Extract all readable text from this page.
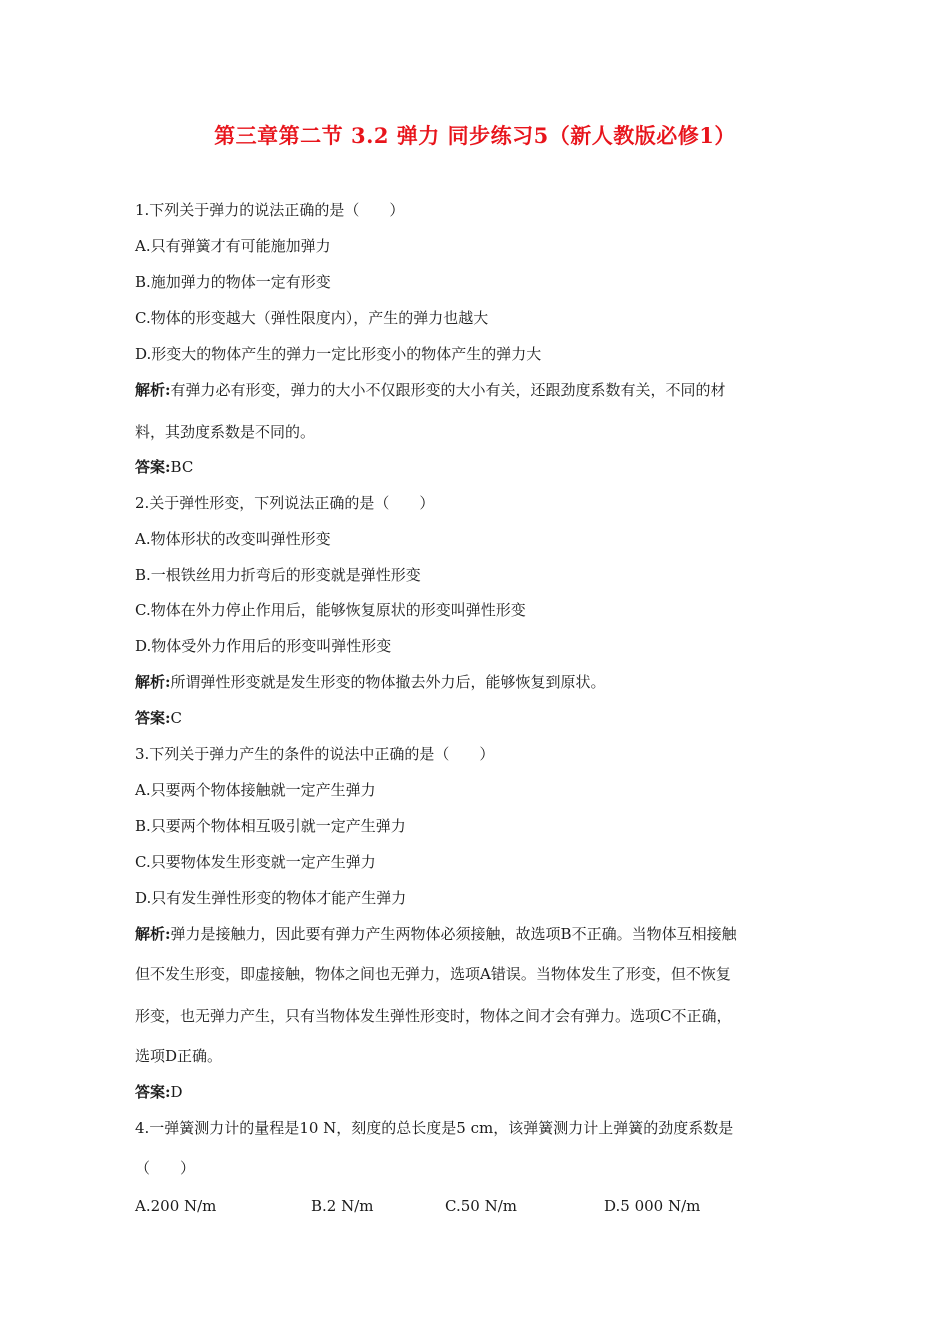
第三章第二节 3.2 弹力 同步练习5（新人教版必修1）
1.下列关于弹力的说法正确的是（　　）
A.只有弹簧才有可能施加弹力
B.施加弹力的物体一定有形变
C.物体的形变越大（弹性限度内），产生的弹力也越大
D.形变大的物体产生的弹力一定比形变小的物体产生的弹力大
解析:有弹力必有形变，弹力的大小不仅跟形变的大小有关，还跟劲度系数有关，不同的材
料，其劲度系数是不同的。
答案:BC
2.关于弹性形变，下列说法正确的是（　　）
A.物体形状的改变叫弹性形变
B.一根铁丝用力折弯后的形变就是弹性形变
C.物体在外力停止作用后，能够恢复原状的形变叫弹性形变
D.物体受外力作用后的形变叫弹性形变
解析:所谓弹性形变就是发生形变的物体撤去外力后，能够恢复到原状。
答案:C
3.下列关于弹力产生的条件的说法中正确的是（　　）
A.只要两个物体接触就一定产生弹力
B.只要两个物体相互吸引就一定产生弹力
C.只要物体发生形变就一定产生弹力
D.只有发生弹性形变的物体才能产生弹力
解析:弹力是接触力，因此要有弹力产生两物体必须接触，故选项B不正确。当物体互相接触
但不发生形变，即虚接触，物体之间也无弹力，选项A错误。当物体发生了形变，但不恢复
形变，也无弹力产生，只有当物体发生弹性形变时，物体之间才会有弹力。选项C不正确，
选项D正确。
答案:D
4.一弹簧测力计的量程是10 N，刻度的总长度是5 cm，该弹簧测力计上弹簧的劲度系数是
（　　）
A.200 N/m	B.2 N/m	C.50 N/m	D.5 000 N/m
